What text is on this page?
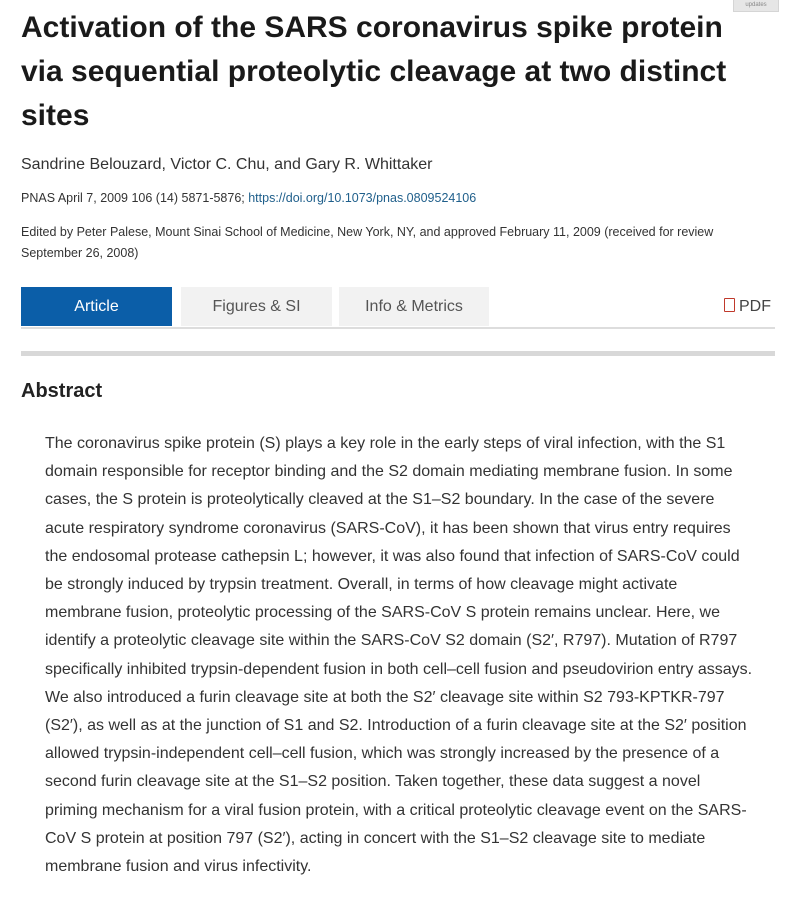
updates
Activation of the SARS coronavirus spike protein via sequential proteolytic cleavage at two distinct sites
Sandrine Belouzard, Victor C. Chu, and Gary R. Whittaker
PNAS April 7, 2009 106 (14) 5871-5876; https://doi.org/10.1073/pnas.0809524106
Edited by Peter Palese, Mount Sinai School of Medicine, New York, NY, and approved February 11, 2009 (received for review September 26, 2008)
Article	Figures & SI	Info & Metrics	PDF
Abstract

The coronavirus spike protein (S) plays a key role in the early steps of viral infection, with the S1 domain responsible for receptor binding and the S2 domain mediating membrane fusion. In some cases, the S protein is proteolytically cleaved at the S1–S2 boundary. In the case of the severe acute respiratory syndrome coronavirus (SARS-CoV), it has been shown that virus entry requires the endosomal protease cathepsin L; however, it was also found that infection of SARS-CoV could be strongly induced by trypsin treatment. Overall, in terms of how cleavage might activate membrane fusion, proteolytic processing of the SARS-CoV S protein remains unclear. Here, we identify a proteolytic cleavage site within the SARS-CoV S2 domain (S2′, R797). Mutation of R797 specifically inhibited trypsin-dependent fusion in both cell–cell fusion and pseudovirion entry assays. We also introduced a furin cleavage site at both the S2′ cleavage site within S2 793-KPTKR-797 (S2′), as well as at the junction of S1 and S2. Introduction of a furin cleavage site at the S2′ position allowed trypsin-independent cell–cell fusion, which was strongly increased by the presence of a second furin cleavage site at the S1–S2 position. Taken together, these data suggest a novel priming mechanism for a viral fusion protein, with a critical proteolytic cleavage event on the SARS-CoV S protein at position 797 (S2′), acting in concert with the S1–S2 cleavage site to mediate membrane fusion and virus infectivity.
